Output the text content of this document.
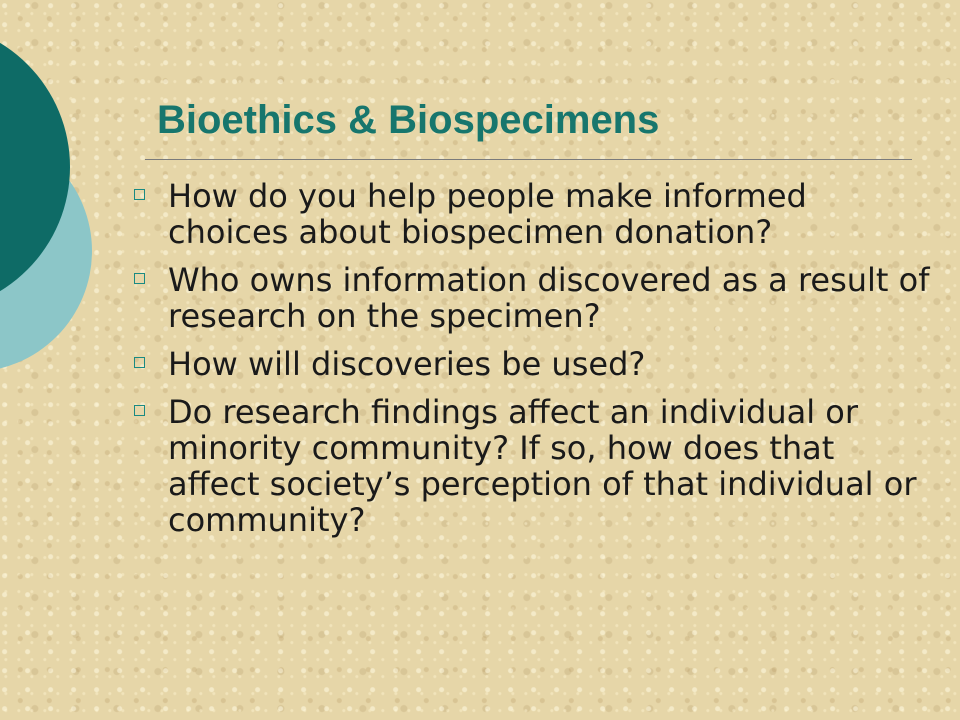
Bioethics & Biospecimens
How do you help people make informed choices about biospecimen donation?
Who owns information discovered as a result of research on the specimen?
How will discoveries be used?
Do research findings affect an individual or minority community? If so, how does that affect society’s perception of that individual or community?
